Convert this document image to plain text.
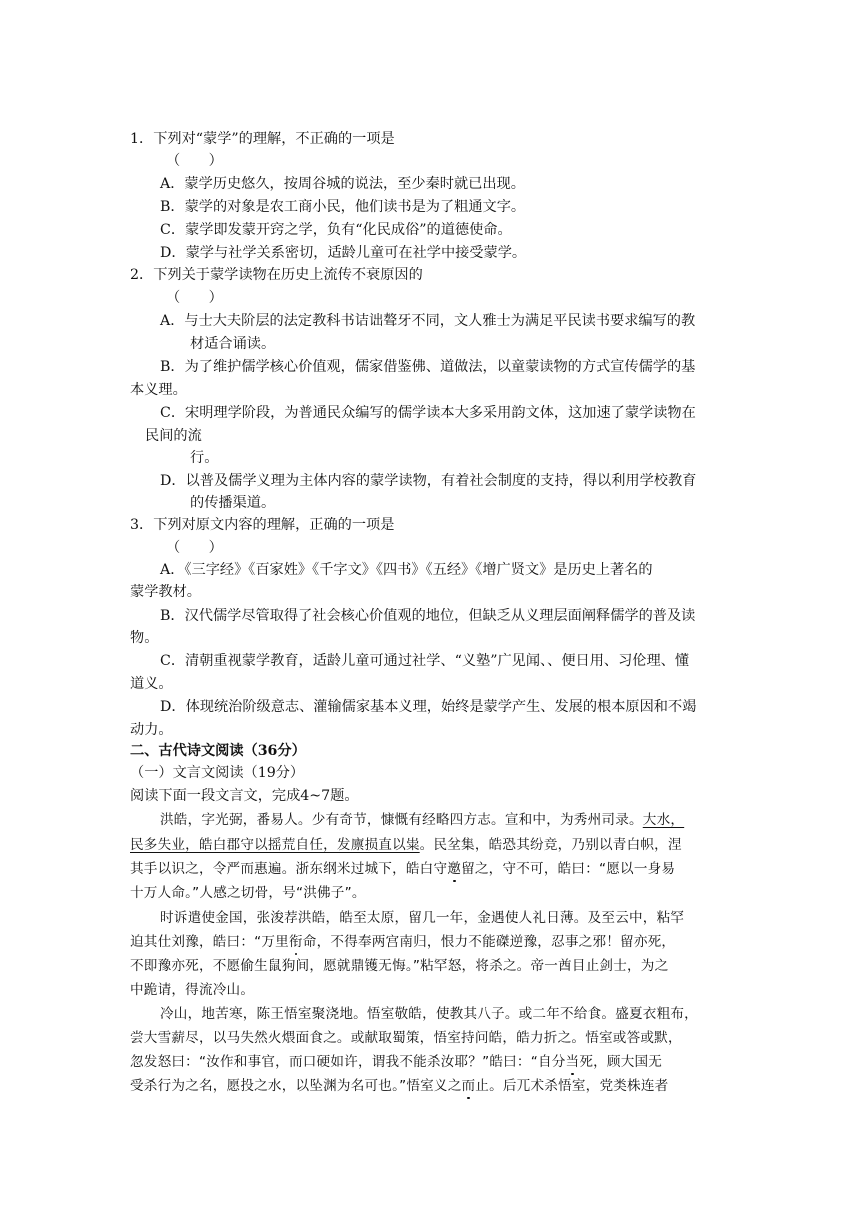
1．下列对“蒙学”的理解，不正确的一项是
（　　）
A．蒙学历史悠久，按周谷城的说法，至少秦时就已出现。
B．蒙学的对象是农工商小民，他们读书是为了粗通文字。
C．蒙学即发蒙开窍之学，负有“化民成俗”的道德使命。
D．蒙学与社学关系密切，适龄儿童可在社学中接受蒙学。
2．下列关于蒙学读物在历史上流传不衰原因的
（　　）
A．与士大夫阶层的法定教科书诘诎聱牙不同，文人雅士为满足平民读书要求编写的教
材适合诵读。
B．为了维护儒学核心价值观，儒家借鉴佛、道做法，以童蒙读物的方式宣传儒学的基
本义理。
C．宋明理学阶段，为普通民众编写的儒学读本大多采用韵文体，这加速了蒙学读物在
民间的流
行。
D．以普及儒学义理为主体内容的蒙学读物，有着社会制度的支持，得以利用学校教育
的传播渠道。
3．下列对原文内容的理解，正确的一项是
（　　）
A．《三字经》《百家姓》《千字文》《四书》《五经》《增广贤文》是历史上著名的
蒙学教材。
B．汉代儒学尽管取得了社会核心价值观的地位，但缺乏从义理层面阐释儒学的普及读
物。
C．清朝重视蒙学教育，适龄儿童可通过社学、“义塾”广见闻、、便日用、习伦理、懂
道义。
D．体现统治阶级意志、灌输儒家基本义理，始终是蒙学产生、发展的根本原因和不竭
动力。
二、古代诗文阅读（36分）
（一）文言文阅读（19分）
阅读下面一段文言文，完成4~7题。
洪皓，字光弼，番易人。少有奇节，慷慨有经略四方志。宣和中，为秀州司录。大水，
民多失业，皓白郡守以摇荒自任，发廪损直以粜。民坌集，皓恐其纷竞，乃别以青白帜，涅
其手以识之，令严而惠遍。浙东纲米过城下，皓白守邀留之，守不可，皓曰：“愿以一身易
十万人命。”人感之切骨，号“洪佛子”。
时诉遣使金国，张浚荐洪皓，皓至太原，留几一年，金遇使人礼日薄。及至云中，粘罕
迫其仕刘豫，皓曰：“万里衔命，不得奉两宫南归，恨力不能磔逆豫，忍事之邪！留亦死，
不即豫亦死，不愿偷生鼠狗间，愿就鼎镬无悔。”粘罕怒，将杀之。帝一酋目止剑士，为之
中跪请，得流冷山。
冷山，地苦寒，陈王悟室聚浇地。悟室敬皓，使教其八子。或二年不给食。盛夏衣粗布，
尝大雪薪尽，以马失然火煨面食之。或献取蜀策，悟室持问皓，皓力折之。悟室或答或默，
忽发怒曰：“汝作和事官，而口硬如许，谓我不能杀汝耶？”皓曰：“自分当死，顾大国无
受杀行为之名，愿投之水，以坠渊为名可也。”悟室义之而止。后兀术杀悟室，党类株连者
